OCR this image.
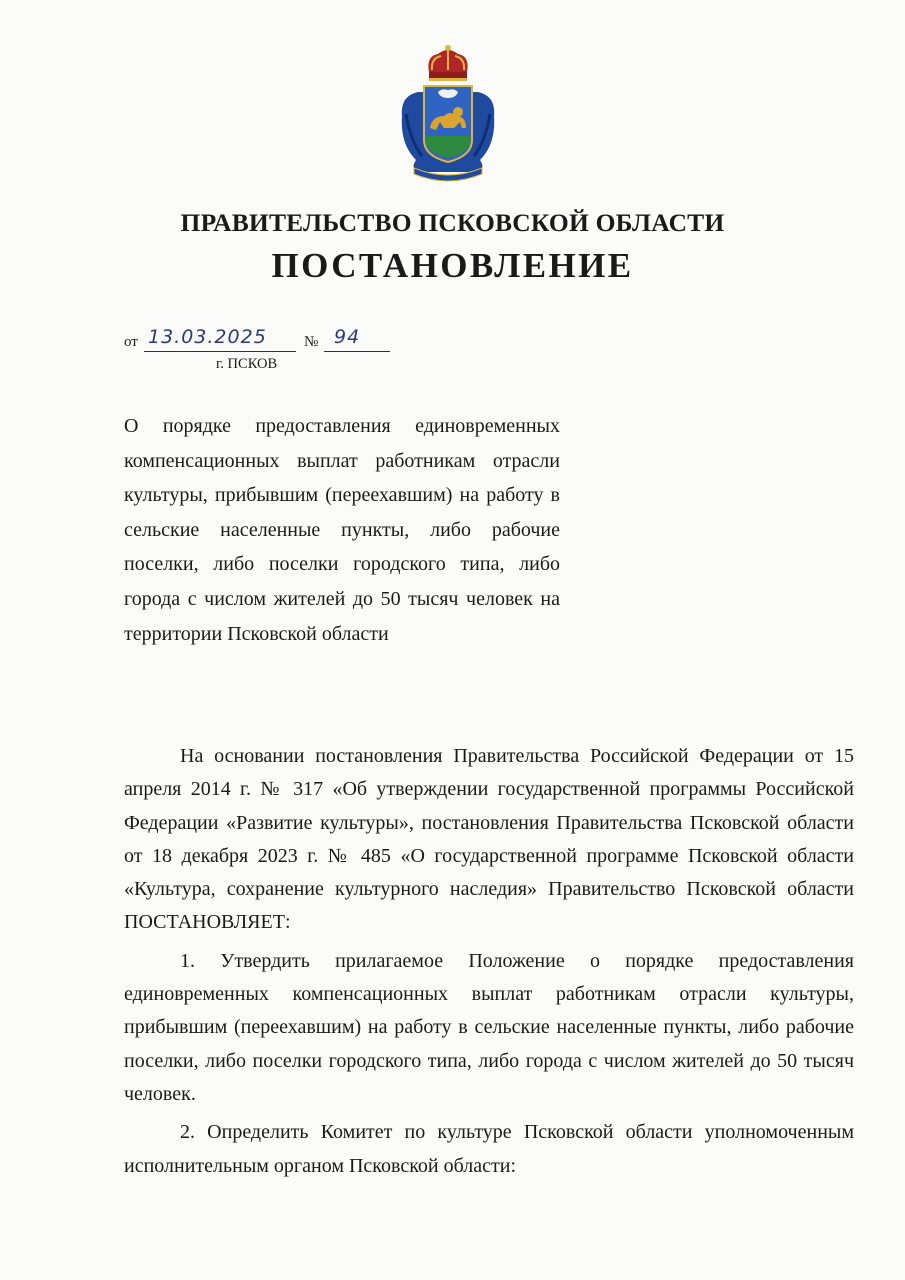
ПРАВИТЕЛЬСТВО ПСКОВСКОЙ ОБЛАСТИ
ПОСТАНОВЛЕНИЕ
от 13.03.2025 № 94
г. ПСКОВ
О порядке предоставления единовременных компенсационных выплат работникам отрасли культуры, прибывшим (переехавшим) на работу в сельские населенные пункты, либо рабочие поселки, либо поселки городского типа, либо города с числом жителей до 50 тысяч человек на территории Псковской области

На основании постановления Правительства Российской Федерации от 15 апреля 2014 г. № 317 «Об утверждении государственной программы Российской Федерации «Развитие культуры», постановления Правительства Псковской области от 18 декабря 2023 г. № 485 «О государственной программе Псковской области «Культура, сохранение культурного наследия» Правительство Псковской области ПОСТАНОВЛЯЕТ:

1. Утвердить прилагаемое Положение о порядке предоставления единовременных компенсационных выплат работникам отрасли культуры, прибывшим (переехавшим) на работу в сельские населенные пункты, либо рабочие поселки, либо поселки городского типа, либо города с числом жителей до 50 тысяч человек.

2. Определить Комитет по культуре Псковской области уполномоченным исполнительным органом Псковской области:
